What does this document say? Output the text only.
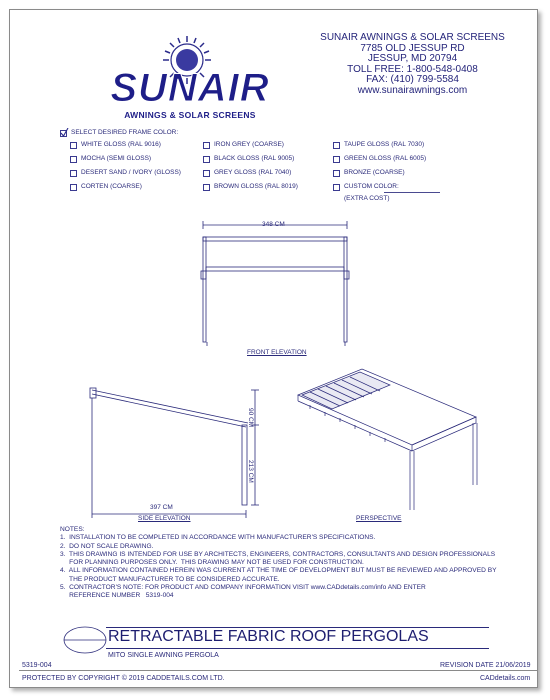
SUNAIR
AWNINGS & SOLAR SCREENS
SUNAIR AWNINGS & SOLAR SCREENS
7785 OLD JESSUP RD
JESSUP, MD 20794
TOLL FREE: 1-800-548-0408
FAX: (410) 799-5584
www.sunairawnings.com
SELECT DESIRED FRAME COLOR:
WHITE GLOSS (RAL 9016)	IRON GREY (COARSE)	TAUPE GLOSS (RAL 7030)
MOCHA (SEMI GLOSS)	BLACK GLOSS (RAL 9005)	GREEN GLOSS (RAL 6005)
DESERT SAND / IVORY (GLOSS)	GREY GLOSS (RAL 7040)	BRONZE (COARSE)
CORTEN (COARSE)	BROWN GLOSS (RAL 8019)	CUSTOM COLOR:
(EXTRA COST)
348 CM
FRONT ELEVATION
90 CM
213 CM
397 CM
SIDE ELEVATION	PERSPECTIVE
NOTES:
1.  INSTALLATION TO BE COMPLETED IN ACCORDANCE WITH MANUFACTURER'S SPECIFICATIONS.
2.  DO NOT SCALE DRAWING.
3.  THIS DRAWING IS INTENDED FOR USE BY ARCHITECTS, ENGINEERS, CONTRACTORS, CONSULTANTS AND DESIGN PROFESSIONALS
FOR PLANNING PURPOSES ONLY.  THIS DRAWING MAY NOT BE USED FOR CONSTRUCTION.
4.  ALL INFORMATION CONTAINED HEREIN WAS CURRENT AT THE TIME OF DEVELOPMENT BUT MUST BE REVIEWED AND APPROVED BY
THE PRODUCT MANUFACTURER TO BE CONSIDERED ACCURATE.
5.  CONTRACTOR'S NOTE: FOR PRODUCT AND COMPANY INFORMATION VISIT www.CADdetails.com/info AND ENTER
REFERENCE NUMBER   5319-004
RETRACTABLE FABRIC ROOF PERGOLAS
MITO SINGLE AWNING PERGOLA
5319-004	REVISION DATE 21/06/2019
PROTECTED BY COPYRIGHT © 2019 CADDETAILS.COM LTD.	CADdetails.com
